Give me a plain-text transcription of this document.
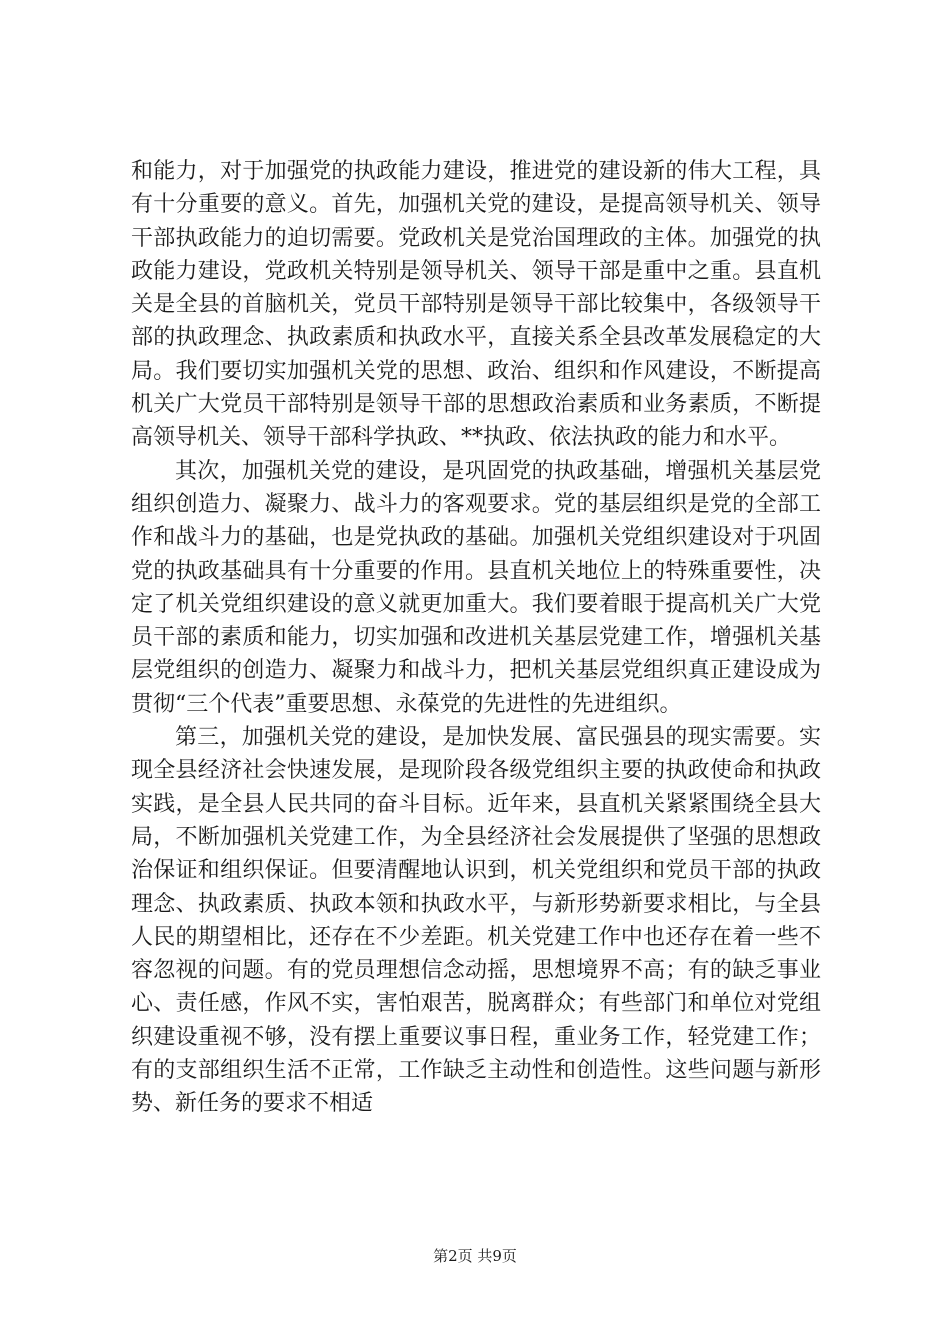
和能力，对于加强党的执政能力建设，推进党的建设新的伟大工程，具有十分重要的意义。首先，加强机关党的建设，是提高领导机关、领导干部执政能力的迫切需要。党政机关是党治国理政的主体。加强党的执政能力建设，党政机关特别是领导机关、领导干部是重中之重。县直机关是全县的首脑机关，党员干部特别是领导干部比较集中，各级领导干部的执政理念、执政素质和执政水平，直接关系全县改革发展稳定的大局。我们要切实加强机关党的思想、政治、组织和作风建设，不断提高机关广大党员干部特别是领导干部的思想政治素质和业务素质，不断提高领导机关、领导干部科学执政、**执政、依法执政的能力和水平。

其次，加强机关党的建设，是巩固党的执政基础，增强机关基层党组织创造力、凝聚力、战斗力的客观要求。党的基层组织是党的全部工作和战斗力的基础，也是党执政的基础。加强机关党组织建设对于巩固党的执政基础具有十分重要的作用。县直机关地位上的特殊重要性，决定了机关党组织建设的意义就更加重大。我们要着眼于提高机关广大党员干部的素质和能力，切实加强和改进机关基层党建工作，增强机关基层党组织的创造力、凝聚力和战斗力，把机关基层党组织真正建设成为贯彻“三个代表”重要思想、永葆党的先进性的先进组织。

第三，加强机关党的建设，是加快发展、富民强县的现实需要。实现全县经济社会快速发展，是现阶段各级党组织主要的执政使命和执政实践，是全县人民共同的奋斗目标。近年来，县直机关紧紧围绕全县大局，不断加强机关党建工作，为全县经济社会发展提供了坚强的思想政治保证和组织保证。但要清醒地认识到，机关党组织和党员干部的执政理念、执政素质、执政本领和执政水平，与新形势新要求相比，与全县人民的期望相比，还存在不少差距。机关党建工作中也还存在着一些不容忽视的问题。有的党员理想信念动摇，思想境界不高；有的缺乏事业心、责任感，作风不实，害怕艰苦，脱离群众；有些部门和单位对党组织建设重视不够，没有摆上重要议事日程，重业务工作，轻党建工作；有的支部组织生活不正常，工作缺乏主动性和创造性。这些问题与新形势、新任务的要求不相适

第2页 共9页
